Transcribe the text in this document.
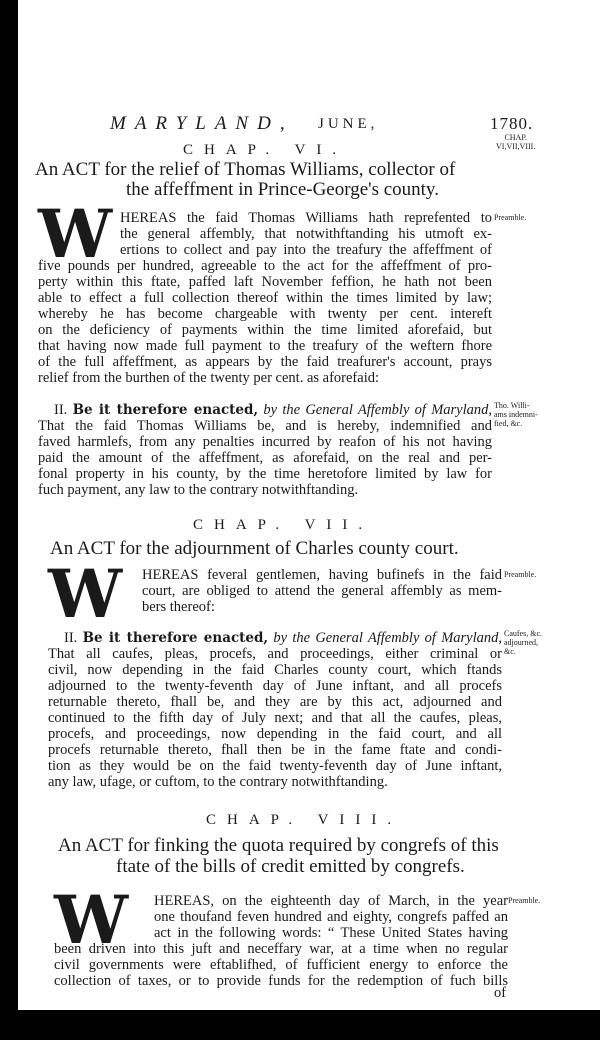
MARYLAND, JUNE,	1780.
CHAP.
VI,VII,VIII.
CHAP. VI.
An ACT for the relief of Thomas Williams, collector of
the affeffment in Prince-George's county.
W	Preamble.
HEREAS the faid Thomas Williams hath reprefented to
the general affembly, that notwithftanding his utmoft ex-
ertions to collect and pay into the treafury the affeffment of
five pounds per hundred, agreeable to the act for the affeffment of pro-
perty within this ftate, paffed laft November feffion, he hath not been
able to effect a full collection thereof within the times limited by law;
whereby he has become chargeable with twenty per cent. intereft
on the deficiency of payments within the time limited aforefaid, but
that having now made full payment to the treafury of the weftern fhore
of the full affeffment, as appears by the faid treafurer's account, prays
relief from the burthen of the twenty per cent. as aforefaid:
II. Be it therefore enacted, by the General Affembly of Maryland, Tho. Willi-
ams indemni-
fied, &c.
That the faid Thomas Williams be, and is hereby, indemnified and
faved harmlefs, from any penalties incurred by reafon of his not having
paid the amount of the affeffment, as aforefaid, on the real and per-
fonal property in his county, by the time heretofore limited by law for
fuch payment, any law to the contrary notwithftanding.
CHAP. VII.
An ACT for the adjournment of Charles county court.
W	Preamble.
HEREAS feveral gentlemen, having bufinefs in the faid
court, are obliged to attend the general affembly as mem-
bers thereof:
II. Be it therefore enacted, by the General Affembly of Maryland, Caufes, &c.
adjourned,
&c.
That all caufes, pleas, procefs, and proceedings, either criminal or
civil, now depending in the faid Charles county court, which ftands
adjourned to the twenty-feventh day of June inftant, and all procefs
returnable thereto, fhall be, and they are by this act, adjourned and
continued to the fifth day of July next; and that all the caufes, pleas,
procefs, and proceedings, now depending in the faid court, and all
procefs returnable thereto, fhall then be in the fame ftate and condi-
tion as they would be on the faid twenty-feventh day of June inftant,
any law, ufage, or cuftom, to the contrary notwithftanding.
CHAP. VIII.
An ACT for finking the quota required by congrefs of this
ftate of the bills of credit emitted by congrefs.
W	Preamble.
HEREAS, on the eighteenth day of March, in the year
one thoufand feven hundred and eighty, congrefs paffed an
act in the following words: “ These United States having
been driven into this juft and neceffary war, at a time when no regular
civil governments were eftablifhed, of fufficient energy to enforce the
collection of taxes, or to provide funds for the redemption of fuch bills
of
